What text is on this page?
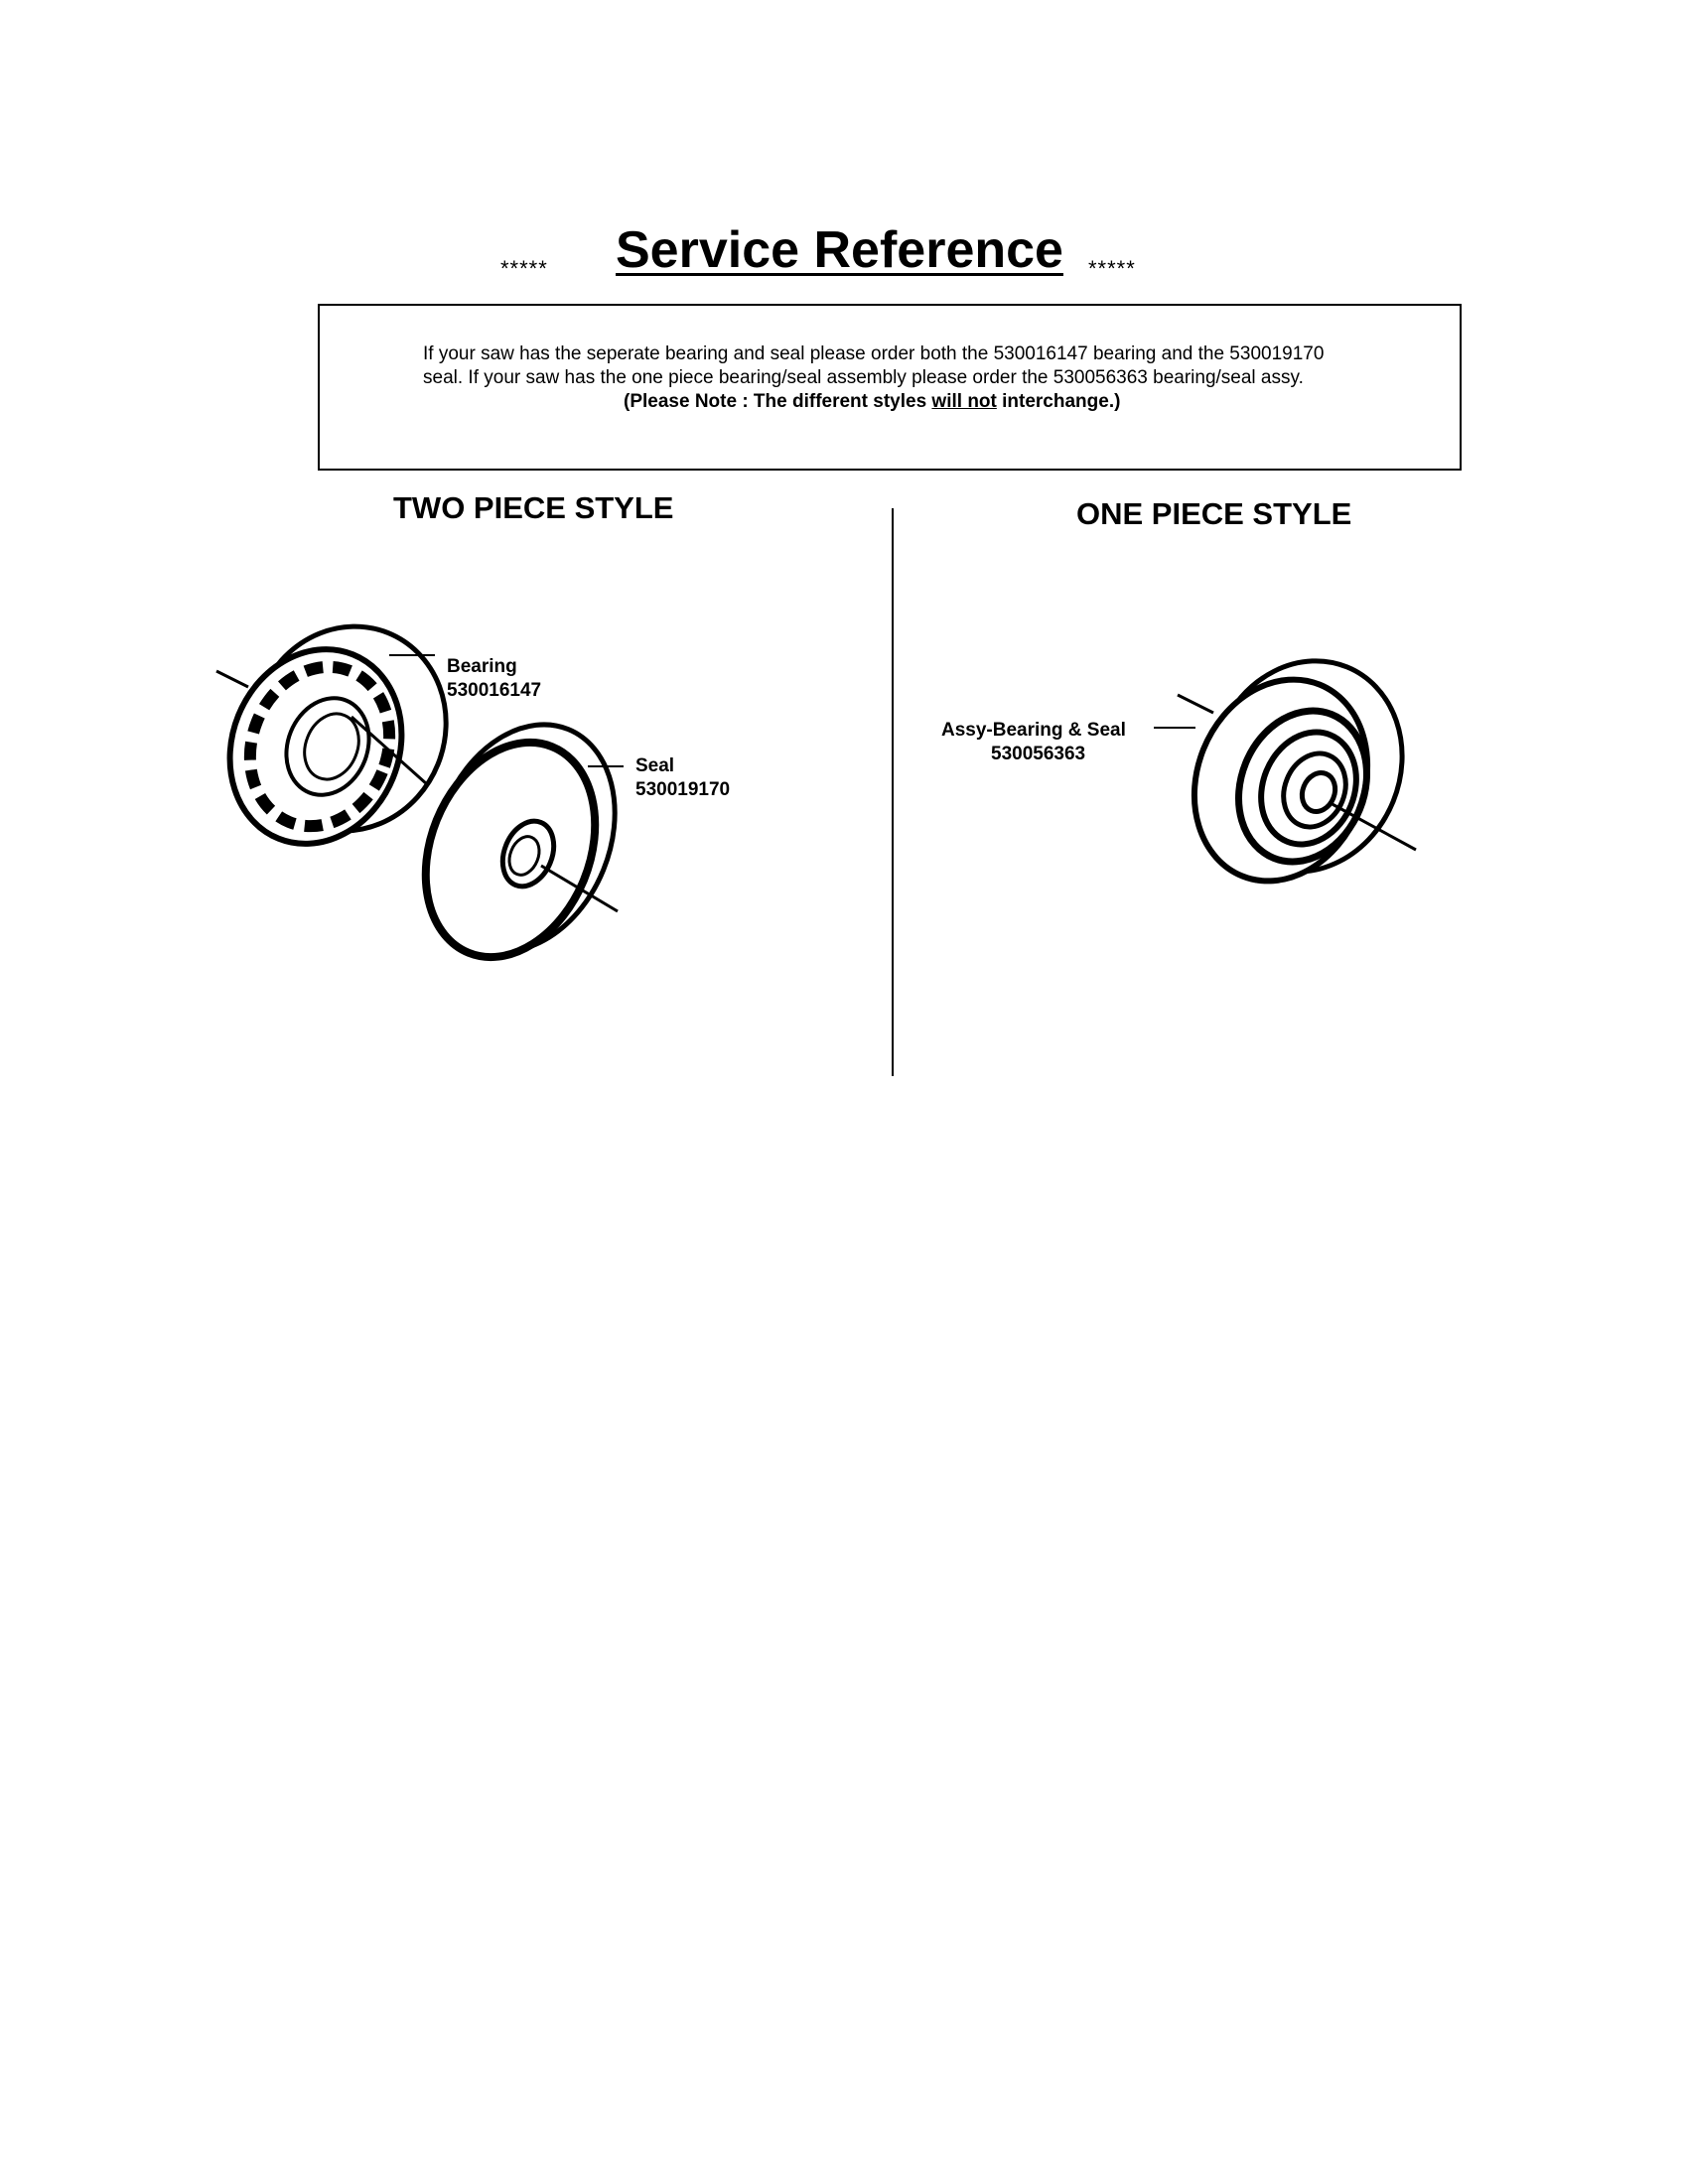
***** Service Reference *****
If your saw has the seperate bearing and seal please order both the 530016147 bearing and the 530019170
seal. If your saw has the one piece bearing/seal assembly please order the 530056363 bearing/seal assy.
(Please Note : The different styles will not interchange.)
TWO PIECE STYLE	ONE PIECE STYLE
Bearing
530016147
Seal
530019170
Assy-Bearing & Seal
530056363
